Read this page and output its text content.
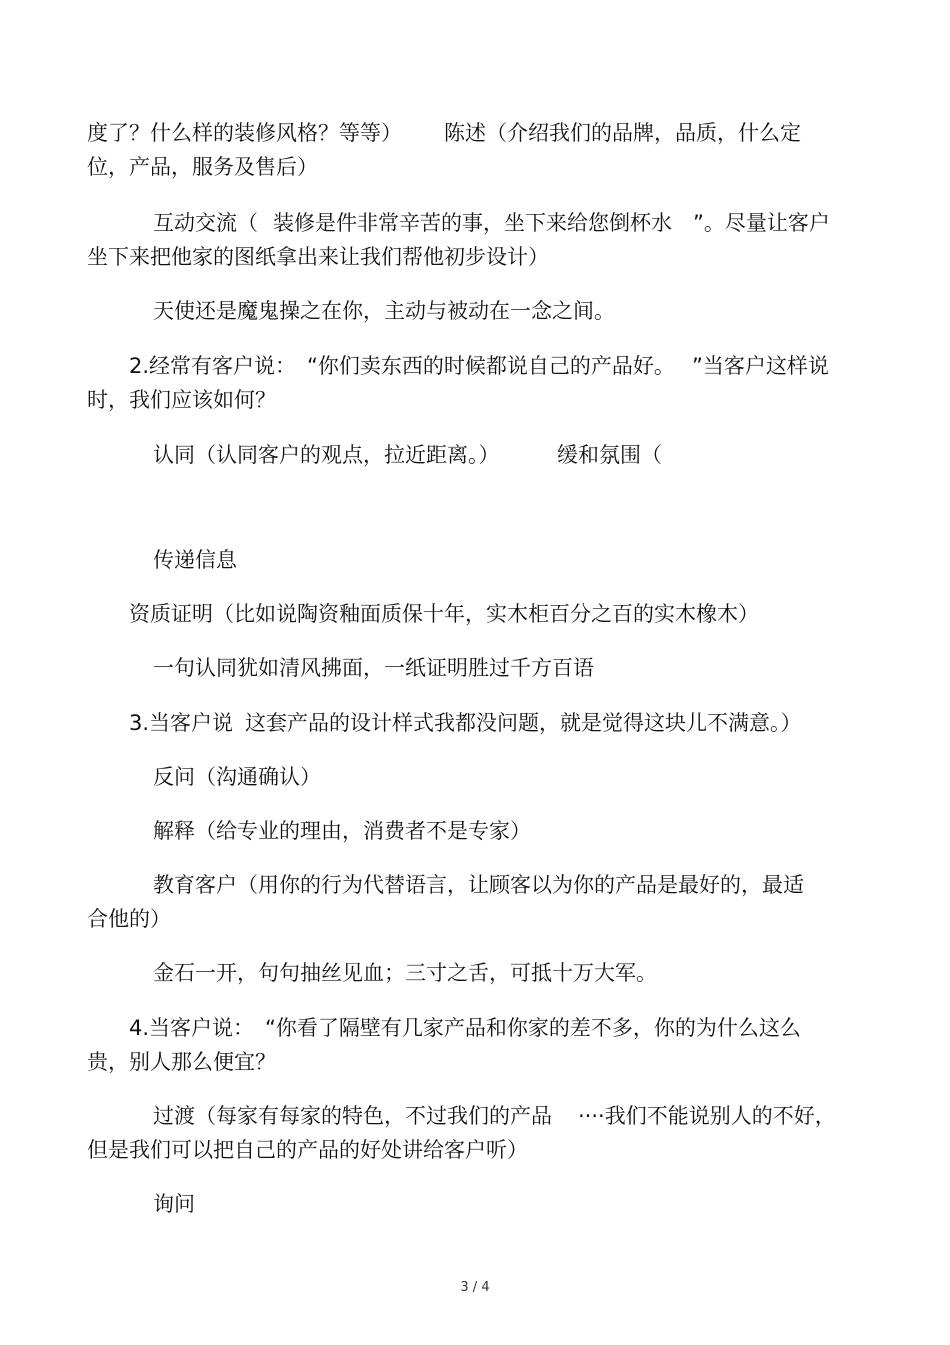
度了？什么样的装修风格？等等）

陈述（介绍我们的品牌，品质，什么定

位，产品，服务及售后）

互动交流（

装修是件非常辛苦的事，坐下来给您倒杯水

”。尽量让客户

坐下来把他家的图纸拿出来让我们帮他初步设计）
天使还是魔鬼操之在你，主动与被动在一念之间。

2.经常有客户说：

“你们卖东西的时候都说自己的产品好。

”当客户这样说

时，我们应该如何？

认同（认同客户的观点，拉近距离。）

	缓和氛围（

传递信息
资质证明（比如说陶资釉面质保十年，实木柜百分之百的实木橡木）
一句认同犹如清风拂面，一纸证明胜过千方百语

3.当客户说

这套产品的设计样式我都没问题，就是觉得这块儿不满意。）

反问（沟通确认）
解释（给专业的理由，消费者不是专家）
教育客户（用你的行为代替语言，让顾客以为你的产品是最好的，最适
合他的）
金石一开，句句抽丝见血；三寸之舌，可抵十万大军。

4.当客户说：

“你看了隔壁有几家产品和你家的差不多，你的为什么这么

贵，别人那么便宜？

过渡（每家有每家的特色，不过我们的产品

····我们不能说别人的不好，

但是我们可以把自己的产品的好处讲给客户听）
询问
3 / 4
